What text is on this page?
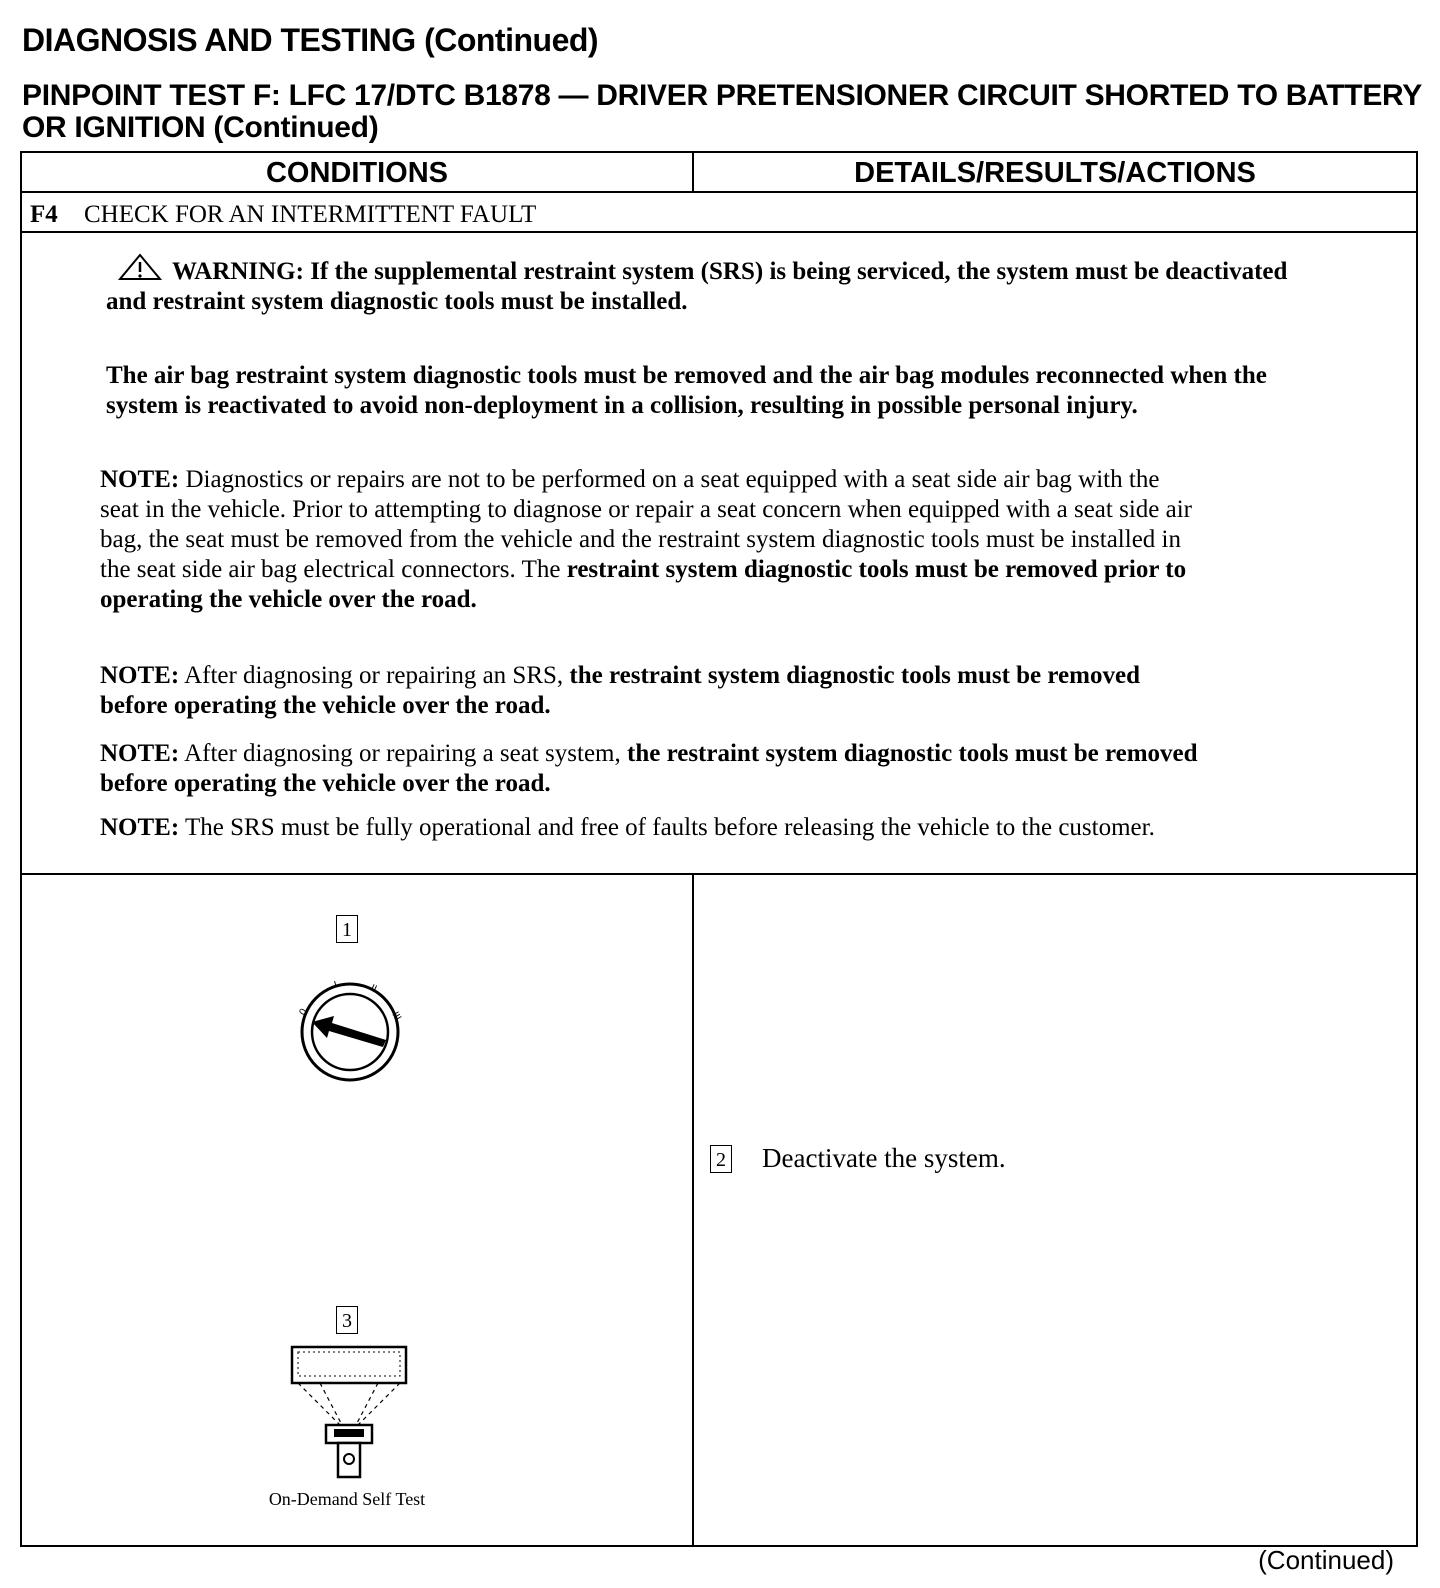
DIAGNOSIS AND TESTING (Continued)
PINPOINT TEST F: LFC 17/DTC B1878 — DRIVER PRETENSIONER CIRCUIT SHORTED TO BATTERY OR IGNITION (Continued)
CONDITIONS	DETAILS/RESULTS/ACTIONS
F4 CHECK FOR AN INTERMITTENT FAULT
WARNING: If the supplemental restraint system (SRS) is being serviced, the system must be deactivated and restraint system diagnostic tools must be installed.
The air bag restraint system diagnostic tools must be removed and the air bag modules reconnected when the system is reactivated to avoid non-deployment in a collision, resulting in possible personal injury.
NOTE: Diagnostics or repairs are not to be performed on a seat equipped with a seat side air bag with the seat in the vehicle. Prior to attempting to diagnose or repair a seat concern when equipped with a seat side air bag, the seat must be removed from the vehicle and the restraint system diagnostic tools must be installed in the seat side air bag electrical connectors. The restraint system diagnostic tools must be removed prior to operating the vehicle over the road.
NOTE: After diagnosing or repairing an SRS, the restraint system diagnostic tools must be removed before operating the vehicle over the road.
NOTE: After diagnosing or repairing a seat system, the restraint system diagnostic tools must be removed before operating the vehicle over the road.
NOTE: The SRS must be fully operational and free of faults before releasing the vehicle to the customer.
1
0
I	II
III
2 Deactivate the system.
3
On-Demand Self Test
(Continued)
